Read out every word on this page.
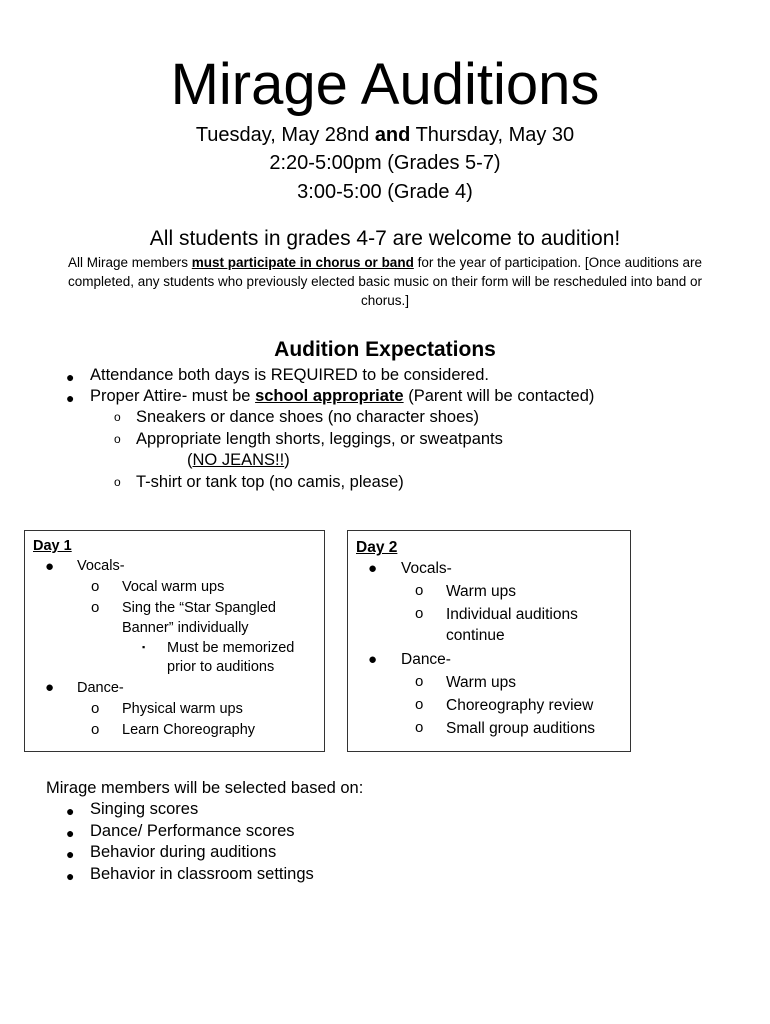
Mirage Auditions
Tuesday, May 28nd and Thursday, May 30
2:20-5:00pm (Grades 5-7)
3:00-5:00 (Grade 4)
All students in grades 4-7 are welcome to audition!
All Mirage members must participate in chorus or band for the year of participation. [Once auditions are completed, any students who previously elected basic music on their form will be rescheduled into band or chorus.]
Audition Expectations
● Attendance both days is REQUIRED to be considered.
● Proper Attire- must be school appropriate (Parent will be contacted)
o Sneakers or dance shoes (no character shoes)
o Appropriate length shorts, leggings, or sweatpants
(NO JEANS!!)
o T-shirt or tank top (no camis, please)
Day 1
● Vocals-
o Vocal warm ups
o Sing the “Star Spangled
Banner” individually
▪ Must be memorized
prior to auditions
● Dance-
o Physical warm ups
o Learn Choreography
Day 2
● Vocals-
o Warm ups
o Individual auditions
continue
● Dance-
o Warm ups
o Choreography review
o Small group auditions
Mirage members will be selected based on:
● Singing scores
● Dance/ Performance scores
● Behavior during auditions
● Behavior in classroom settings
